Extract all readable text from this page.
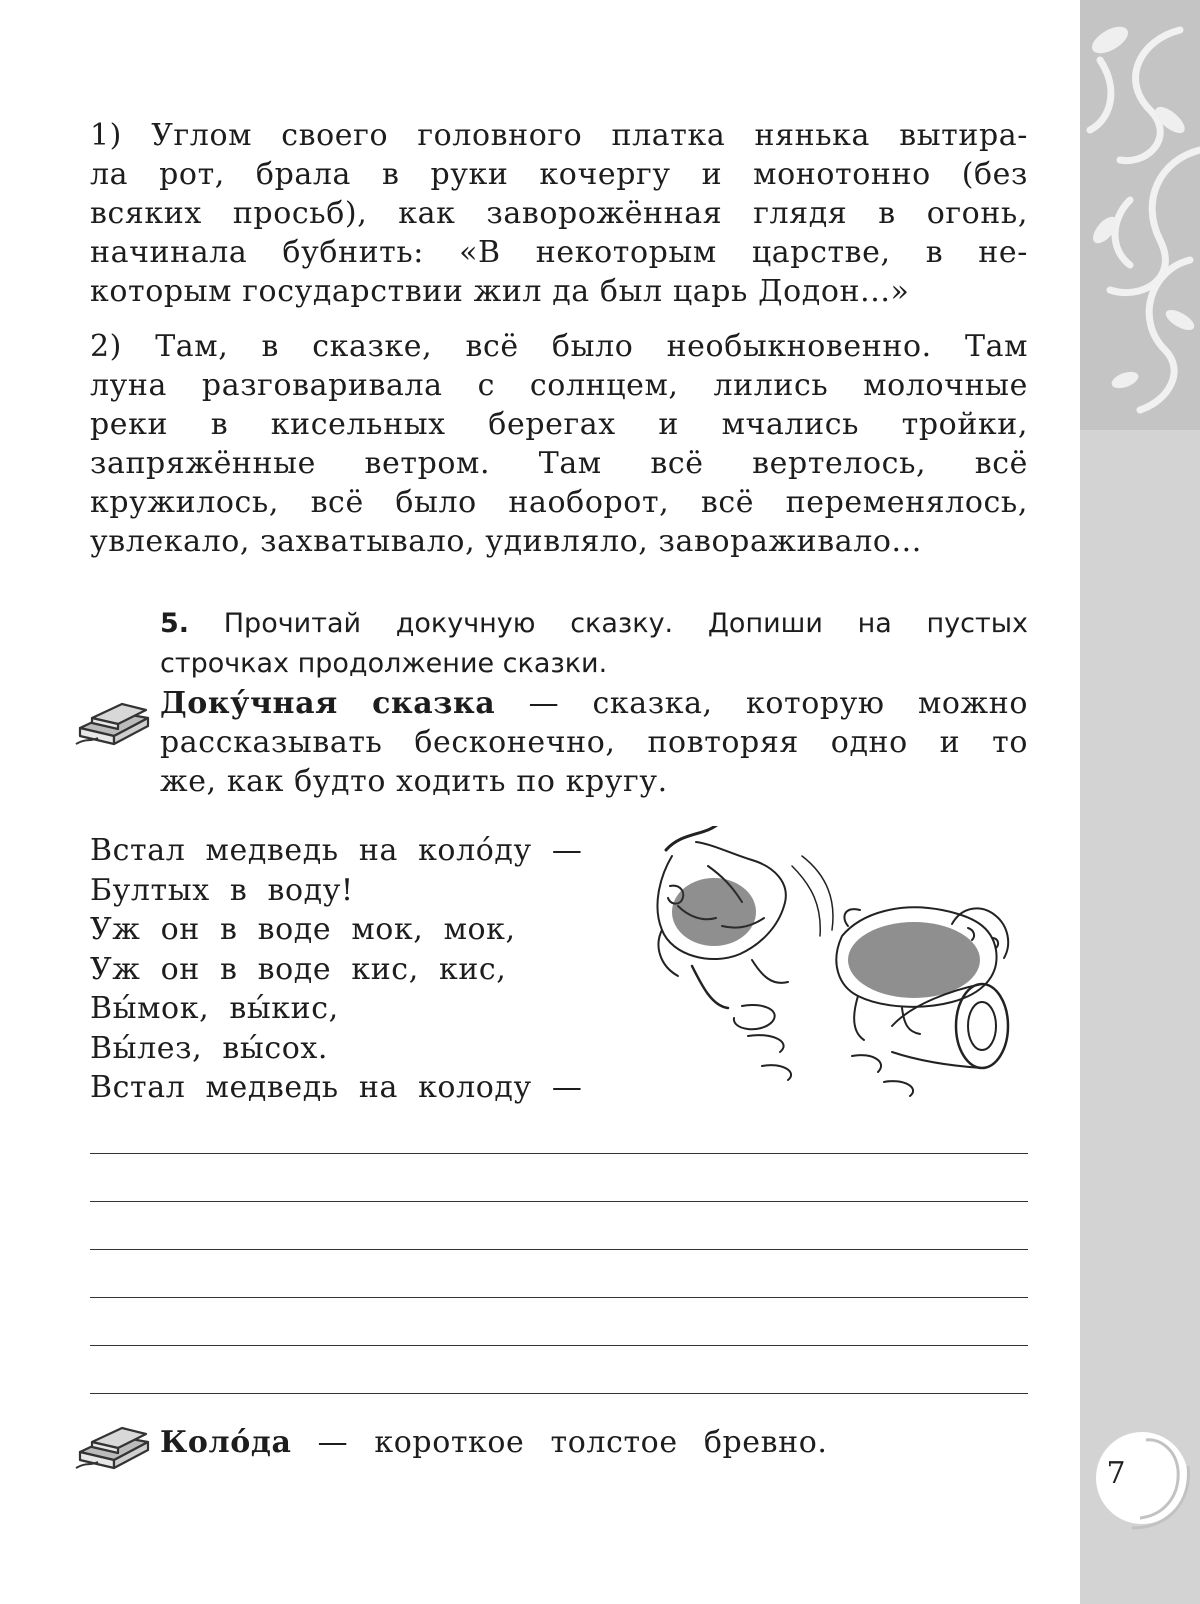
7
1) Углом своего головного платка нянька вытира-
ла рот, брала в руки кочергу и монотонно (без
всяких просьб), как заворожённая глядя в огонь,
начинала бубнить: «В некоторым царстве, в не-
которым государствии жил да был царь Додон...»
2) Там, в сказке, всё было необыкновенно. Там
луна разговаривала с солнцем, лились молочные
реки в кисельных берегах и мчались тройки,
запряжённые ветром. Там всё вертелось, всё
кружилось, всё было наоборот, всё переменялось,
увлекало, захватывало, удивляло, завораживало...
5. Прочитай докучную сказку. Допиши на пустых
строчках продолжение сказки.
Доку́чная сказка — сказка, которую можно
рассказывать бесконечно, повторяя одно и то
же, как будто ходить по кругу.
Встал медведь на коло́ду —
Бултых в воду!
Уж он в воде мок, мок,
Уж он в воде кис, кис,
Вы́мок, вы́кис,
Вы́лез, вы́сох.
Встал медведь на колоду —
Коло́да — короткое толстое бревно.
